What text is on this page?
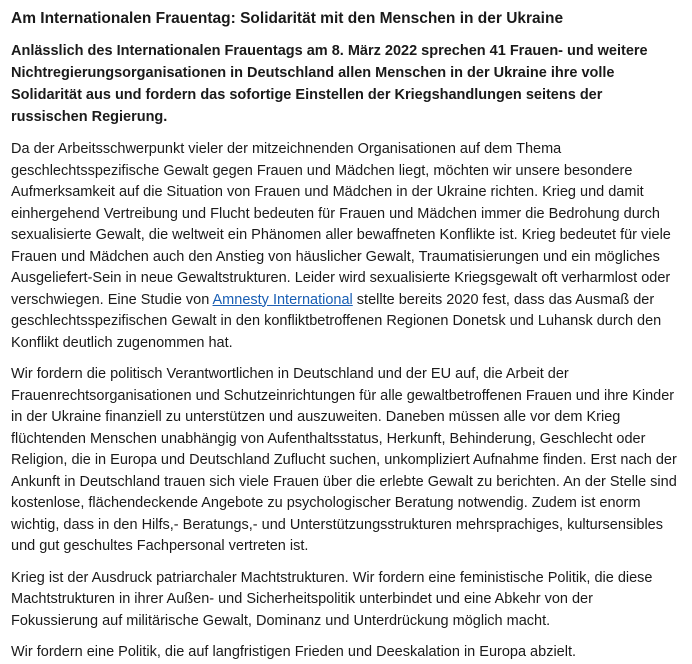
Am Internationalen Frauentag: Solidarität mit den Menschen in der Ukraine

Anlässlich des Internationalen Frauentags am 8. März 2022 sprechen 41 Frauen- und weitere Nichtregierungsorganisationen in Deutschland allen Menschen in der Ukraine ihre volle Solidarität aus und fordern das sofortige Einstellen der Kriegshandlungen seitens der russischen Regierung.

Da der Arbeitsschwerpunkt vieler der mitzeichnenden Organisationen auf dem Thema geschlechtsspezifische Gewalt gegen Frauen und Mädchen liegt, möchten wir unsere besondere Aufmerksamkeit auf die Situation von Frauen und Mädchen in der Ukraine richten. Krieg und damit einhergehend Vertreibung und Flucht bedeuten für Frauen und Mädchen immer die Bedrohung durch sexualisierte Gewalt, die weltweit ein Phänomen aller bewaffneten Konflikte ist. Krieg bedeutet für viele Frauen und Mädchen auch den Anstieg von häuslicher Gewalt, Traumatisierungen und ein mögliches Ausgeliefert-Sein in neue Gewaltstrukturen. Leider wird sexualisierte Kriegsgewalt oft verharmlost oder verschwiegen. Eine Studie von Amnesty International stellte bereits 2020 fest, dass das Ausmaß der geschlechtsspezifischen Gewalt in den konfliktbetroffenen Regionen Donetsk und Luhansk durch den Konflikt deutlich zugenommen hat.

Wir fordern die politisch Verantwortlichen in Deutschland und der EU auf, die Arbeit der Frauenrechtsorganisationen und Schutzeinrichtungen für alle gewaltbetroffenen Frauen und ihre Kinder in der Ukraine finanziell zu unterstützen und auszuweiten. Daneben müssen alle vor dem Krieg flüchtenden Menschen unabhängig von Aufenthaltsstatus, Herkunft, Behinderung, Geschlecht oder Religion, die in Europa und Deutschland Zuflucht suchen, unkompliziert Aufnahme finden. Erst nach der Ankunft in Deutschland trauen sich viele Frauen über die erlebte Gewalt zu berichten. An der Stelle sind kostenlose, flächendeckende Angebote zu psychologischer Beratung notwendig. Zudem ist enorm wichtig, dass in den Hilfs,- Beratungs,- und Unterstützungsstrukturen mehrsprachiges, kultursensibles und gut geschultes Fachpersonal vertreten ist.

Krieg ist der Ausdruck patriarchaler Machtstrukturen. Wir fordern eine feministische Politik, die diese Machtstrukturen in ihrer Außen- und Sicherheitspolitik unterbindet und eine Abkehr von der Fokussierung auf militärische Gewalt, Dominanz und Unterdrückung möglich macht.

Wir fordern eine Politik, die auf langfristigen Frieden und Deeskalation in Europa abzielt.
